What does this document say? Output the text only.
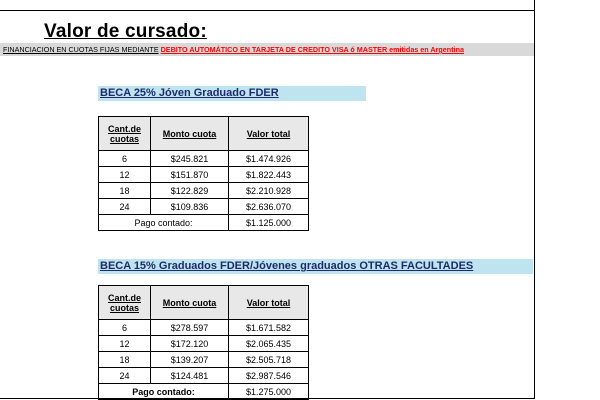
Valor de cursado:
FINANCIACION EN CUOTAS FIJAS MEDIANTE DEBITO AUTOMÁTICO EN TARJETA DE CREDITO VISA ó MASTER emitidas en Argentina
BECA 25% Jóven Graduado FDER
Cant.de cuotas	Monto cuota	Valor total
6	$245.821	$1.474.926
12	$151.870	$1.822.443
18	$122.829	$2.210.928
24	$109.836	$2.636.070
Pago contado:		$1.125.000
BECA 15% Graduados FDER/Jóvenes graduados OTRAS FACULTADES
Cant.de cuotas	Monto cuota	Valor total
6	$278.597	$1.671.582
12	$172.120	$2.065.435
18	$139.207	$2.505.718
24	$124.481	$2.987.546
Pago contado:		$1.275.000
